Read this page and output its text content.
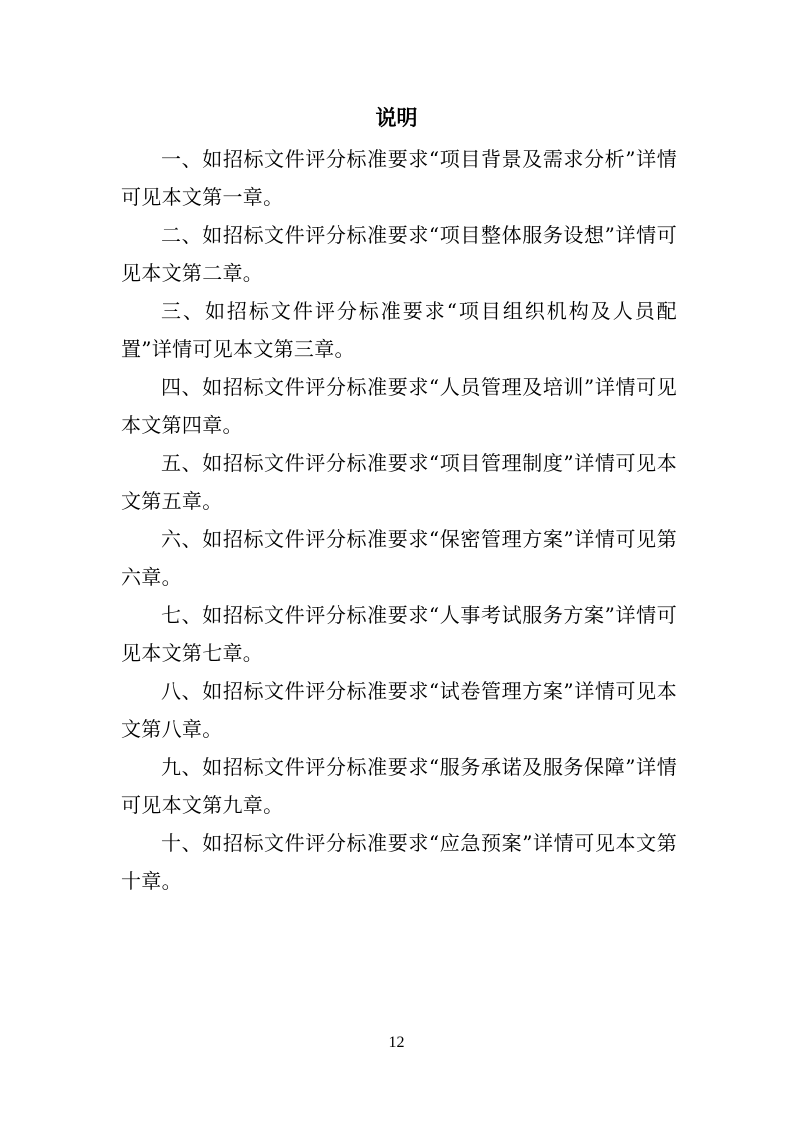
说明

一、如招标文件评分标准要求“项目背景及需求分析”详情可见本文第一章。

二、如招标文件评分标准要求“项目整体服务设想”详情可见本文第二章。

三、如招标文件评分标准要求“项目组织机构及人员配置”详情可见本文第三章。

四、如招标文件评分标准要求“人员管理及培训”详情可见本文第四章。

五、如招标文件评分标准要求“项目管理制度”详情可见本文第五章。

六、如招标文件评分标准要求“保密管理方案”详情可见第六章。

七、如招标文件评分标准要求“人事考试服务方案”详情可见本文第七章。

八、如招标文件评分标准要求“试卷管理方案”详情可见本文第八章。

九、如招标文件评分标准要求“服务承诺及服务保障”详情可见本文第九章。

十、如招标文件评分标准要求“应急预案”详情可见本文第十章。

12
